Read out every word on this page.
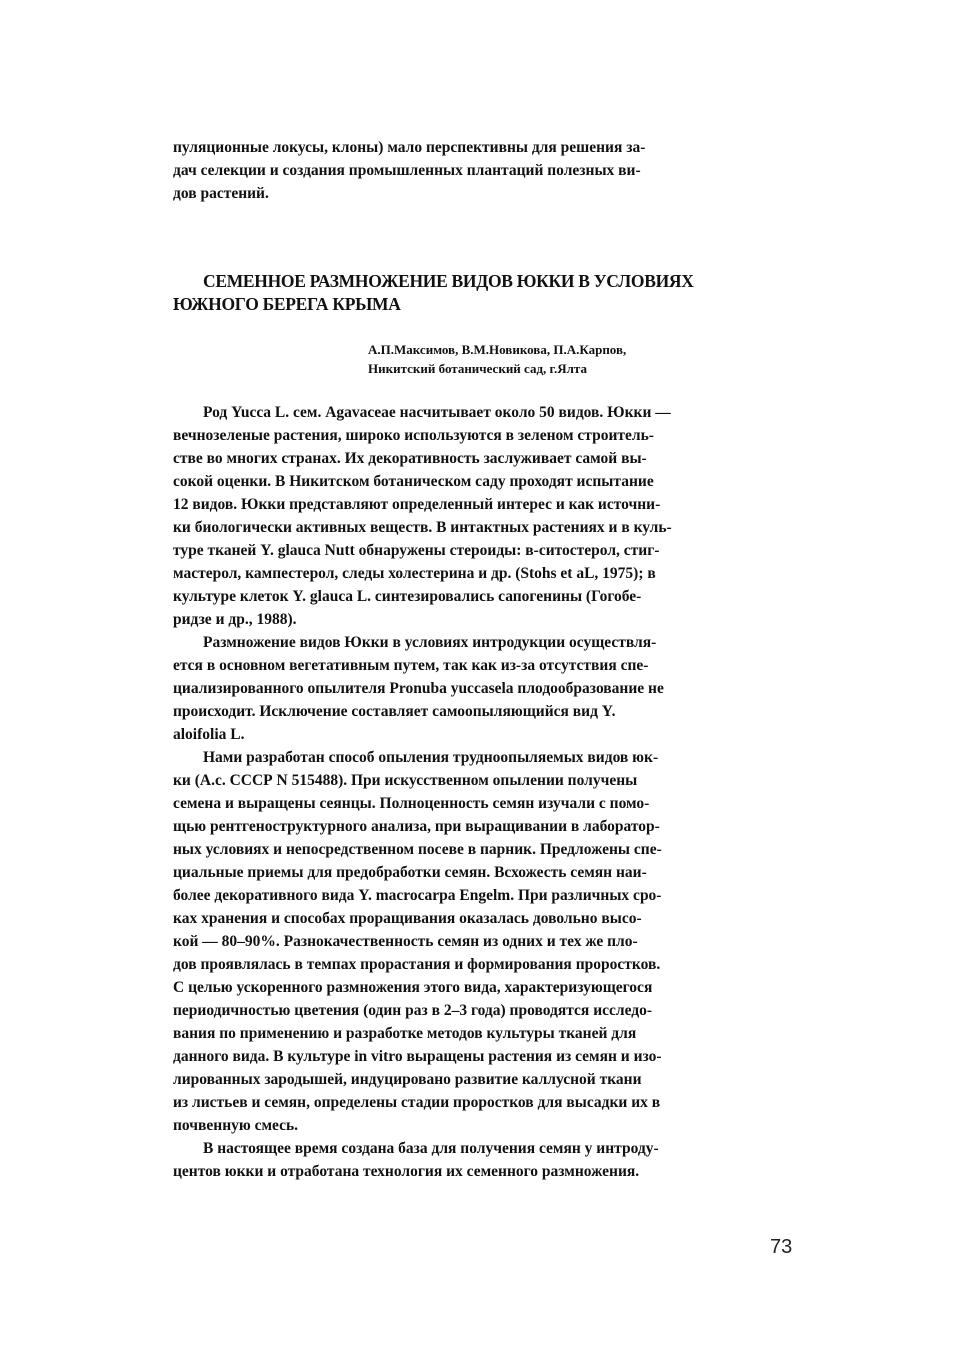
пуляционные локусы, клоны) мало перспективны для решения за-
дач селекции и создания промышленных плантаций полезных ви-
дов растений.
СЕМЕННОЕ РАЗМНОЖЕНИЕ ВИДОВ ЮККИ В УСЛОВИЯХ
ЮЖНОГО БЕРЕГА КРЫМА
А.П.Максимов, В.М.Новикова, П.А.Карпов,
Никитский ботанический сад, г.Ялта
Род Yucca L. сем. Agavaceae насчитывает около 50 видов. Юкки —
вечнозеленые растения, широко используются в зеленом строитель-
стве во многих странах. Их декоративность заслуживает самой вы-
сокой оценки. В Никитском ботаническом саду проходят испытание
12 видов. Юкки представляют определенный интерес и как источни-
ки биологически активных веществ. В интактных растениях и в куль-
туре тканей Y. glauca Nutt обнаружены стероиды: в-ситостерол, стиг-
мастерол, кампестерол, следы холестерина и др. (Stohs et aL, 1975); в
культуре клеток Y. glauca L. синтезировались сапогенины (Гогобе-
ридзе и др., 1988).
Размножение видов Юкки в условиях интродукции осуществля-
ется в основном вегетативным путем, так как из-за отсутствия спе-
циализированного опылителя Pronuba yuccasela плодообразование не
происходит. Исключение составляет самоопыляющийся вид Y.
aloifolia L.
Нами разработан способ опыления трудноопыляемых видов юк-
ки (А.с. СССР N 515488). При искусственном опылении получены
семена и выращены сеянцы. Полноценность семян изучали с помо-
щью рентгеноструктурного анализа, при выращивании в лаборатор-
ных условиях и непосредственном посеве в парник. Предложены спе-
циальные приемы для предобработки семян. Всхожесть семян наи-
более декоративного вида Y. macrocarpa Engelm. При различных сро-
ках хранения и способах проращивания оказалась довольно высо-
кой — 80–90%. Разнокачественность семян из одних и тех же пло-
дов проявлялась в темпах прорастания и формирования проростков.
С целью ускоренного размножения этого вида, характеризующегося
периодичностью цветения (один раз в 2–3 года) проводятся исследо-
вания по применению и разработке методов культуры тканей для
данного вида. В культуре in vitro выращены растения из семян и изо-
лированных зародышей, индуцировано развитие каллусной ткани
из листьев и семян, определены стадии проростков для высадки их в
почвенную смесь.
В настоящее время создана база для получения семян у интроду-
центов юкки и отработана технология их семенного размножения.
73
